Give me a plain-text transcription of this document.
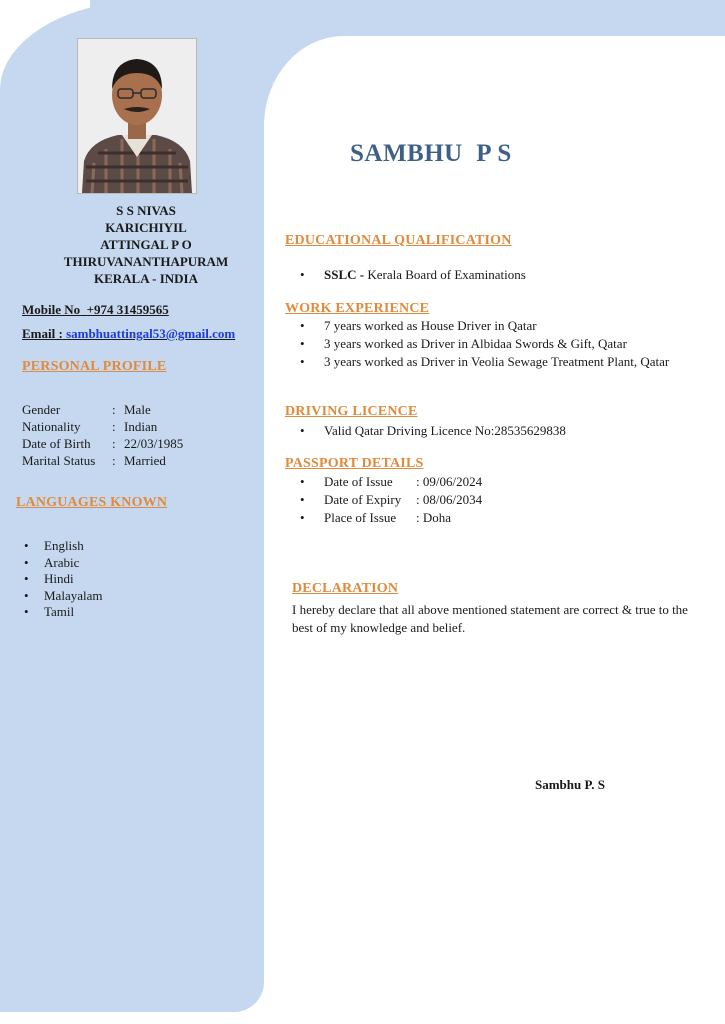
S S NIVAS
KARICHIYIL
ATTINGAL P O
THIRUVANANTHAPURAM
KERALA - INDIA
Mobile No +974 31459565
Email : sambhuattingal53@gmail.com
PERSONAL PROFILE
Gender	: Male
Nationality	: Indian
Date of Birth	: 22/03/1985
Marital Status	: Married
LANGUAGES KNOWN
• English
• Arabic
• Hindi
• Malayalam
• Tamil
SAMBHU  P S
EDUCATIONAL QUALIFICATION
• SSLC - Kerala Board of Examinations
WORK EXPERIENCE
• 7 years worked as House Driver in Qatar
• 3 years worked as Driver in Albidaa Swords & Gift, Qatar
• 3 years worked as Driver in Veolia Sewage Treatment Plant, Qatar
DRIVING LICENCE
• Valid Qatar Driving Licence No:28535629838
PASSPORT DETAILS
• Date of Issue : 09/06/2024
• Date of Expiry : 08/06/2034
• Place of Issue : Doha
DECLARATION
I hereby declare that all above mentioned statement are correct & true to the best of my knowledge and belief.
Sambhu P. S
